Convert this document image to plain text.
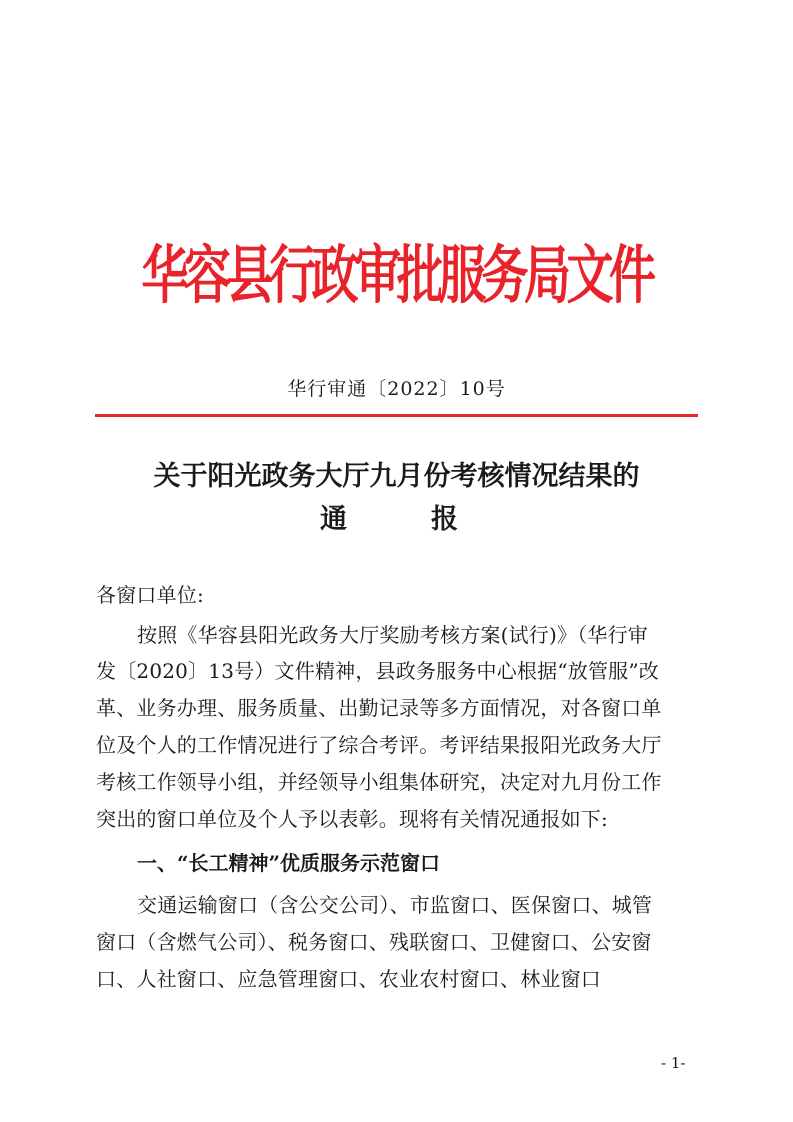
华容县行政审批服务局文件
华行审通〔2022〕10号
关于阳光政务大厅九月份考核情况结果的
通	报
各窗口单位:
按照《华容县阳光政务大厅奖励考核方案(试行)》（华行审
发〔2020〕13号）文件精神，县政务服务中心根据“放管服”改
革、业务办理、服务质量、出勤记录等多方面情况，对各窗口单
位及个人的工作情况进行了综合考评。考评结果报阳光政务大厅
考核工作领导小组，并经领导小组集体研究，决定对九月份工作
突出的窗口单位及个人予以表彰。现将有关情况通报如下:
一、“长工精神”优质服务示范窗口
交通运输窗口（含公交公司）、市监窗口、医保窗口、城管
窗口（含燃气公司）、税务窗口、残联窗口、卫健窗口、公安窗
口、人社窗口、应急管理窗口、农业农村窗口、林业窗口
- 1-
